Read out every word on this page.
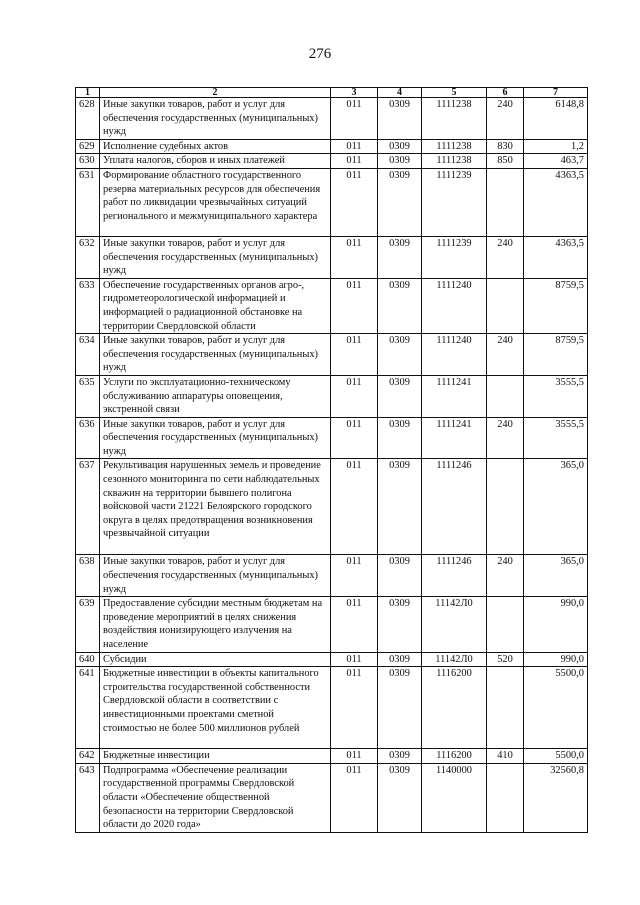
276
1	2	3	4	5	6	7
628	Иные закупки товаров, работ и услуг для обеспечения государственных (муниципальных) нужд	011	0309	1111238	240	6148,8
629	Исполнение судебных актов	011	0309	1111238	830	1,2
630	Уплата налогов, сборов и иных платежей	011	0309	1111238	850	463,7
631	Формирование областного государственного резерва материальных ресурсов для обеспечения работ по ликвидации чрезвычайных ситуаций регионального и межмуниципального характера	011	0309	1111239		4363,5
632	Иные закупки товаров, работ и услуг для обеспечения государственных (муниципальных) нужд	011	0309	1111239	240	4363,5
633	Обеспечение государственных органов агро-, гидрометеорологической информацией и информацией о радиационной обстановке на территории Свердловской области	011	0309	1111240		8759,5
634	Иные закупки товаров, работ и услуг для обеспечения государственных (муниципальных) нужд	011	0309	1111240	240	8759,5
635	Услуги по эксплуатационно-техническому обслуживанию аппаратуры оповещения, экстренной связи	011	0309	1111241		3555,5
636	Иные закупки товаров, работ и услуг для обеспечения государственных (муниципальных) нужд	011	0309	1111241	240	3555,5
637	Рекультивация нарушенных земель и проведение сезонного мониторинга по сети наблюдательных скважин на территории бывшего полигона войсковой части 21221 Белоярского городского округа в целях предотвращения возникновения чрезвычайной ситуации	011	0309	1111246		365,0
638	Иные закупки товаров, работ и услуг для обеспечения государственных (муниципальных) нужд	011	0309	1111246	240	365,0
639	Предоставление субсидии местным бюджетам на проведение мероприятий в целях снижения воздействия ионизирующего излучения на население	011	0309	11142Л0		990,0
640	Субсидии	011	0309	11142Л0	520	990,0
641	Бюджетные инвестиции в объекты капитального строительства государственной собственности Свердловской области в соответствии с инвестиционными проектами сметной стоимостью не более 500 миллионов рублей	011	0309	1116200		5500,0
642	Бюджетные инвестиции	011	0309	1116200	410	5500,0
643	Подпрограмма «Обеспечение реализации государственной программы Свердловской области «Обеспечение общественной безопасности на территории Свердловской области до 2020 года»	011	0309	1140000		32560,8
